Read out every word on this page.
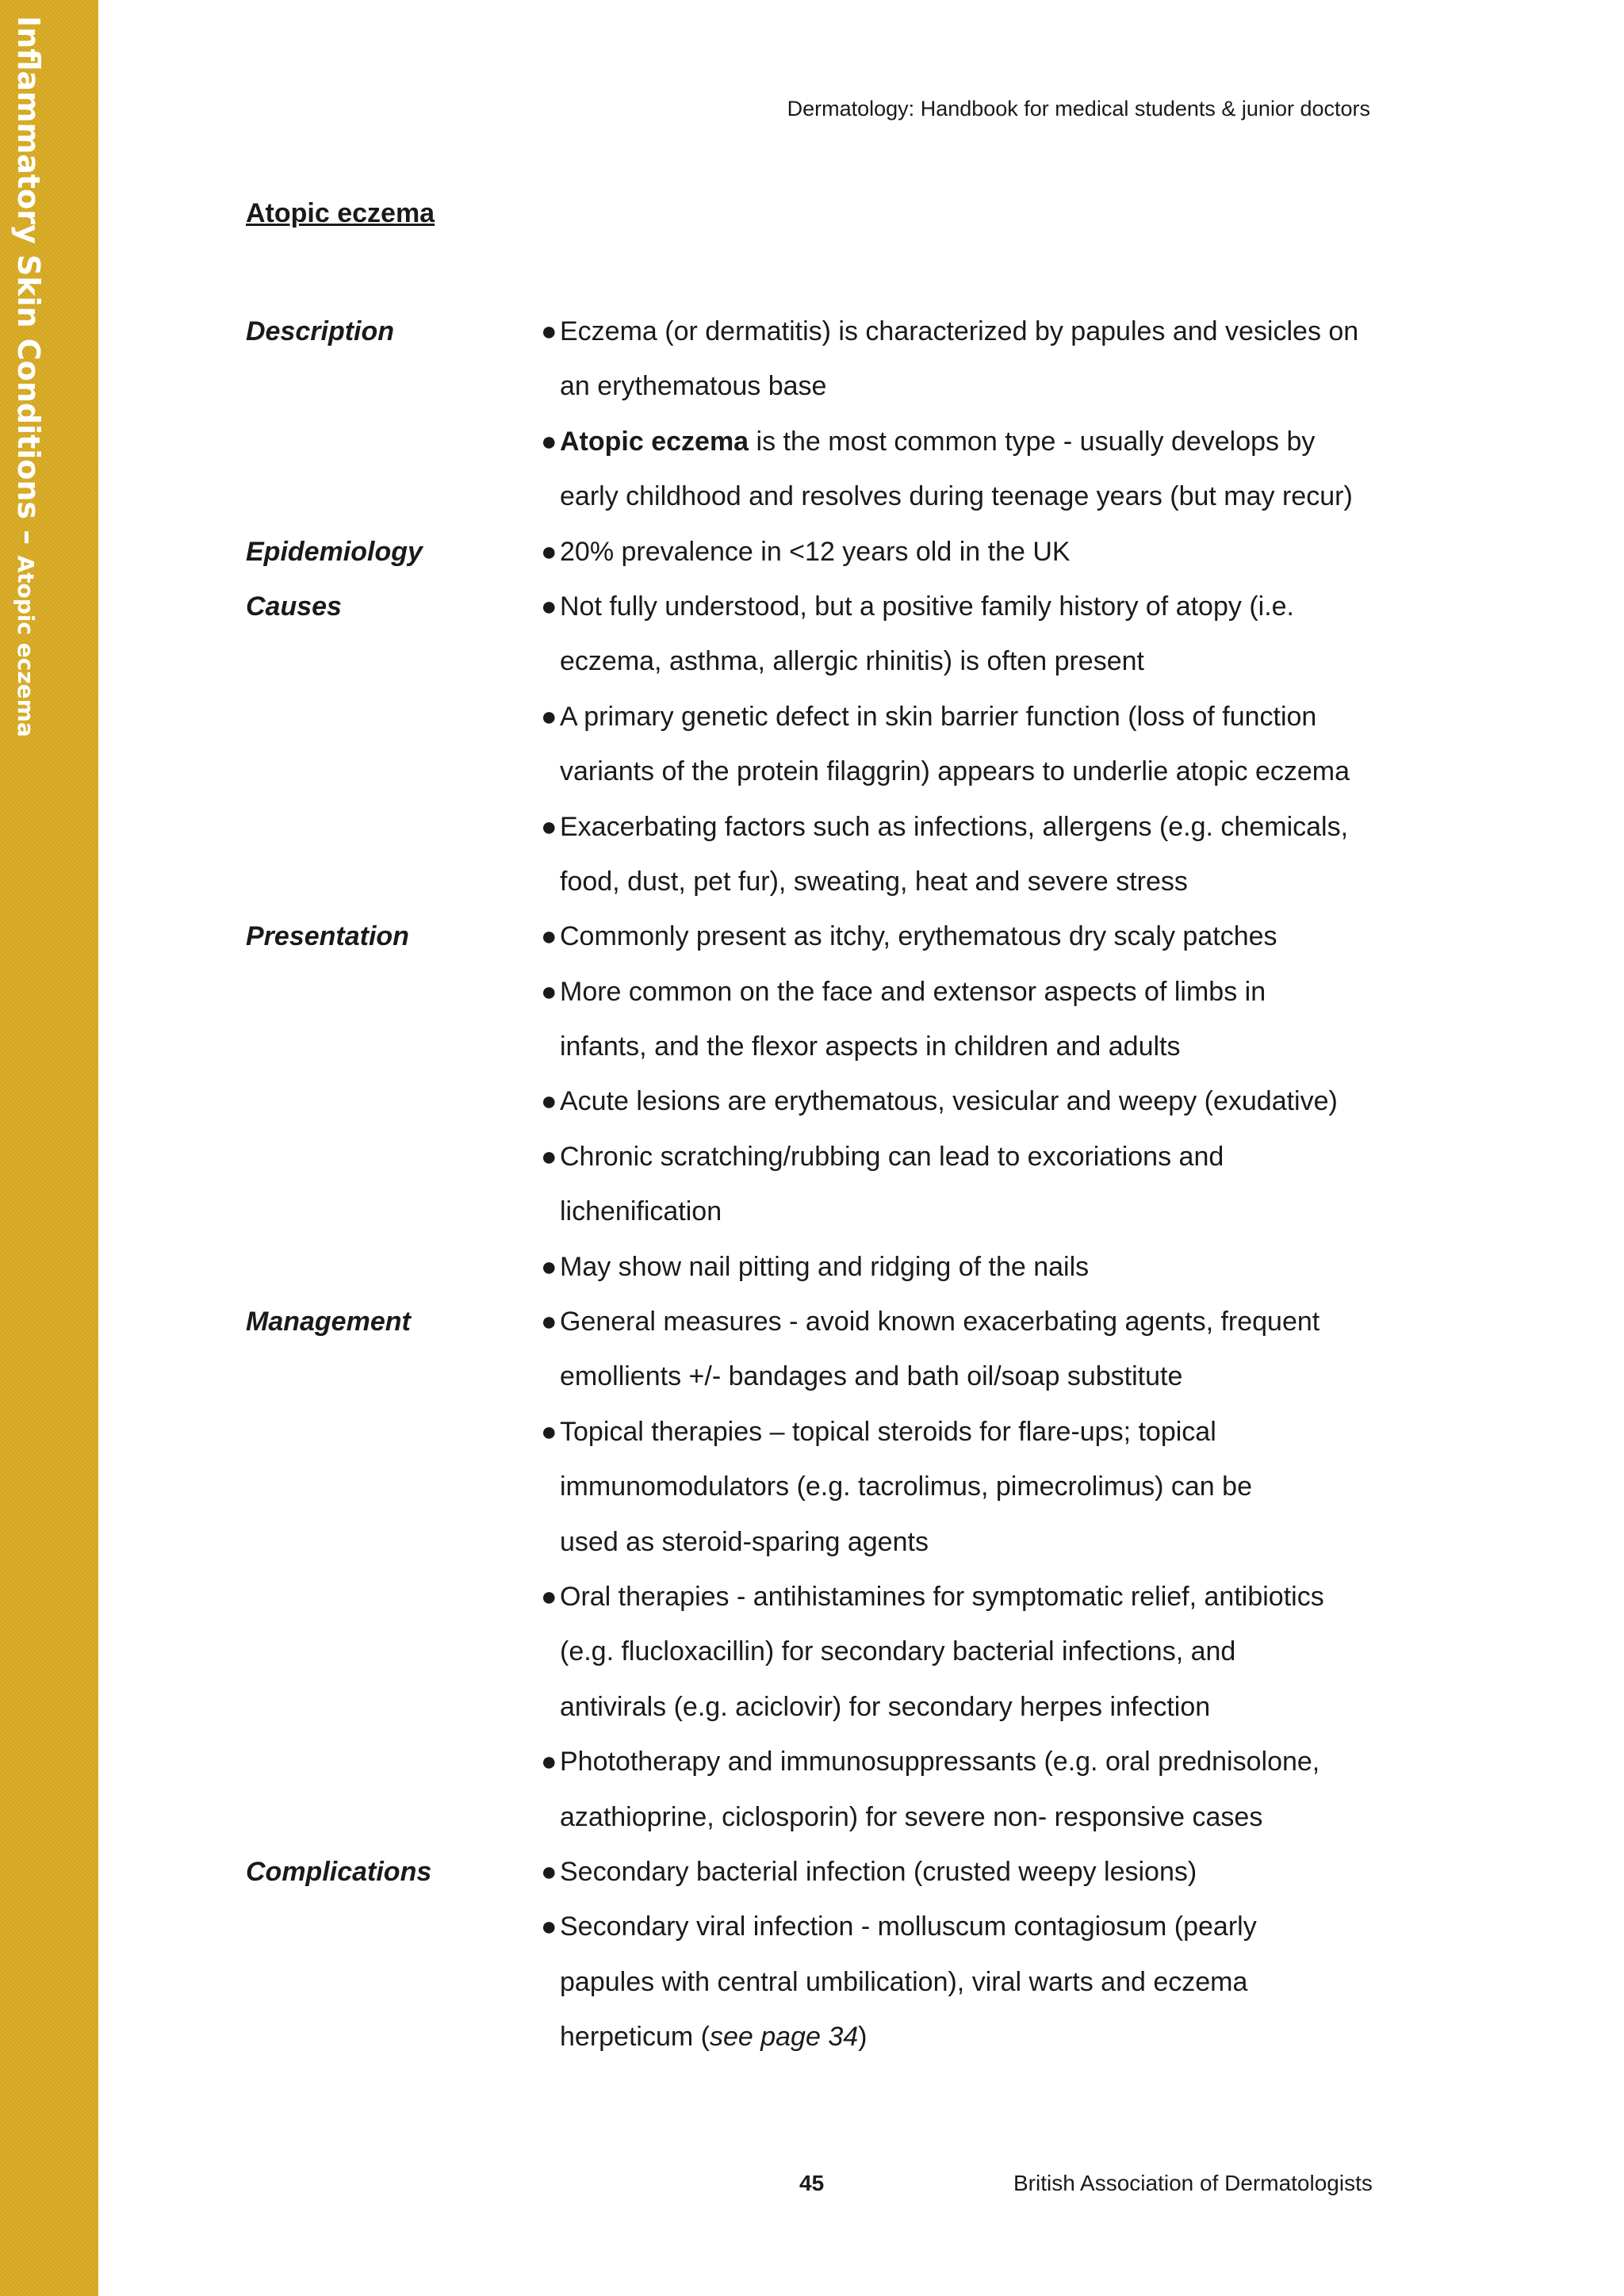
Inflammatory Skin Conditions – Atopic eczema
Dermatology: Handbook for medical students & junior doctors
Atopic eczema
Description	● Eczema (or dermatitis) is characterized by papules and vesicles on
an erythematous base
● Atopic eczema is the most common type - usually develops by
early childhood and resolves during teenage years (but may recur)
Epidemiology	● 20% prevalence in <12 years old in the UK
Causes	● Not fully understood, but a positive family history of atopy (i.e.
eczema, asthma, allergic rhinitis) is often present
● A primary genetic defect in skin barrier function (loss of function
variants of the protein filaggrin) appears to underlie atopic eczema
● Exacerbating factors such as infections, allergens (e.g. chemicals,
food, dust, pet fur), sweating, heat and severe stress
Presentation	● Commonly present as itchy, erythematous dry scaly patches
● More common on the face and extensor aspects of limbs in
infants, and the flexor aspects in children and adults
● Acute lesions are erythematous, vesicular and weepy (exudative)
● Chronic scratching/rubbing can lead to excoriations and
lichenification
● May show nail pitting and ridging of the nails
Management	● General measures - avoid known exacerbating agents, frequent
emollients +/- bandages and bath oil/soap substitute
● Topical therapies – topical steroids for flare-ups; topical
immunomodulators (e.g. tacrolimus, pimecrolimus) can be
used as steroid-sparing agents
● Oral therapies - antihistamines for symptomatic relief, antibiotics
(e.g. flucloxacillin) for secondary bacterial infections, and
antivirals (e.g. aciclovir) for secondary herpes infection
● Phototherapy and immunosuppressants (e.g. oral prednisolone,
azathioprine, ciclosporin) for severe non- responsive cases
Complications	● Secondary bacterial infection (crusted weepy lesions)
● Secondary viral infection - molluscum contagiosum (pearly
papules with central umbilication), viral warts and eczema
herpeticum (see page 34)
45	British Association of Dermatologists
